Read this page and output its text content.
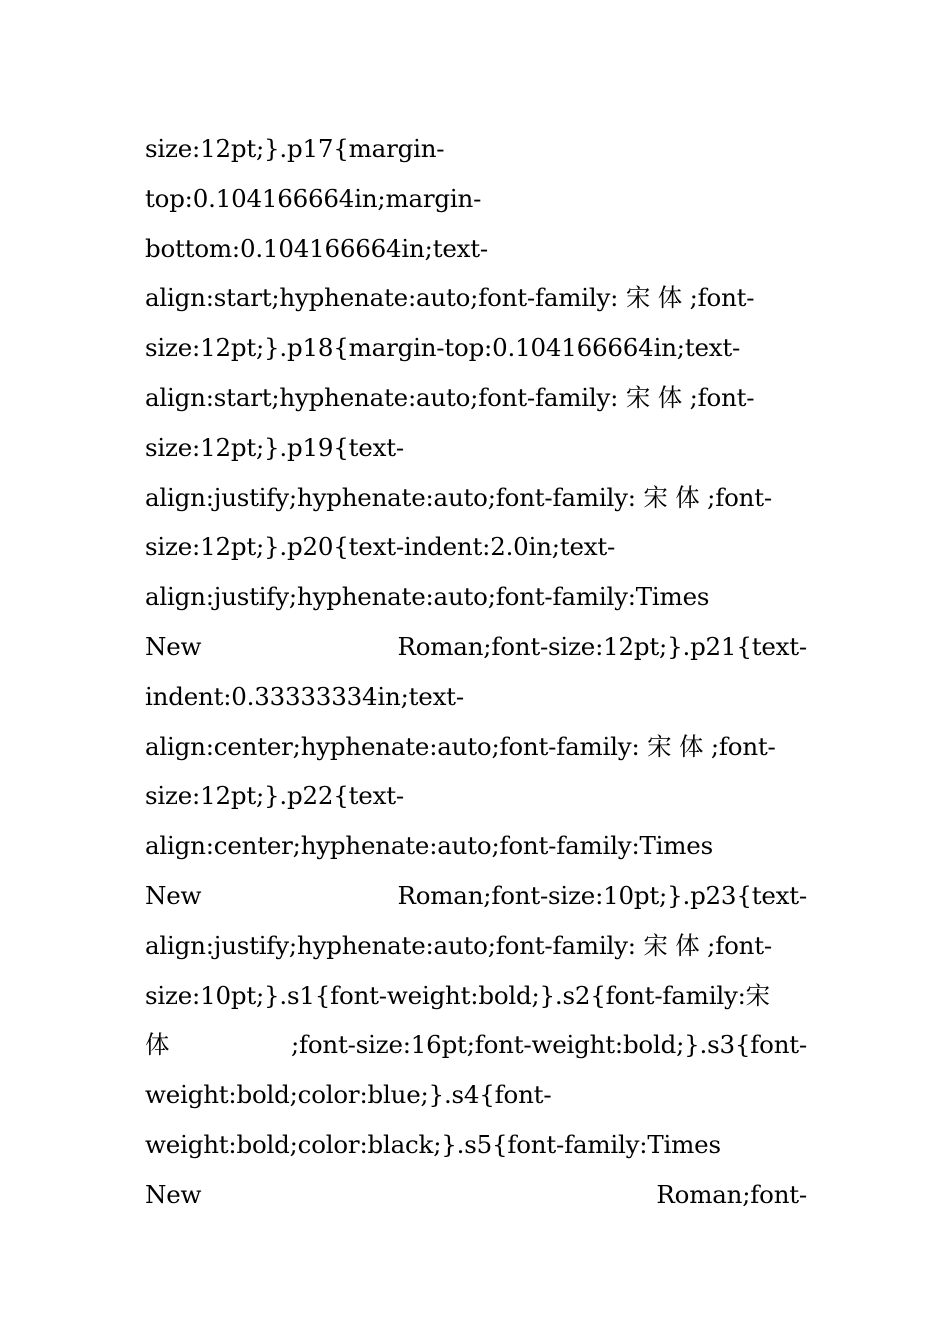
size:12pt;}.p17{margin-
top:0.104166664in;margin-
bottom:0.104166664in;text-
align:start;hyphenate:auto;font-family: 宋 体 ;font-
size:12pt;}.p18{margin-top:0.104166664in;text-
align:start;hyphenate:auto;font-family: 宋 体 ;font-
size:12pt;}.p19{text-
align:justify;hyphenate:auto;font-family: 宋 体 ;font-
size:12pt;}.p20{text-indent:2.0in;text-
align:justify;hyphenate:auto;font-family:Times
New	Roman;font-size:12pt;}.p21{text-
indent:0.33333334in;text-
align:center;hyphenate:auto;font-family: 宋 体 ;font-
size:12pt;}.p22{text-
align:center;hyphenate:auto;font-family:Times
New	Roman;font-size:10pt;}.p23{text-
align:justify;hyphenate:auto;font-family: 宋 体 ;font-
size:10pt;}.s1{font-weight:bold;}.s2{font-family:宋
体	;font-size:16pt;font-weight:bold;}.s3{font-
weight:bold;color:blue;}.s4{font-
weight:bold;color:black;}.s5{font-family:Times
New	Roman;font-
